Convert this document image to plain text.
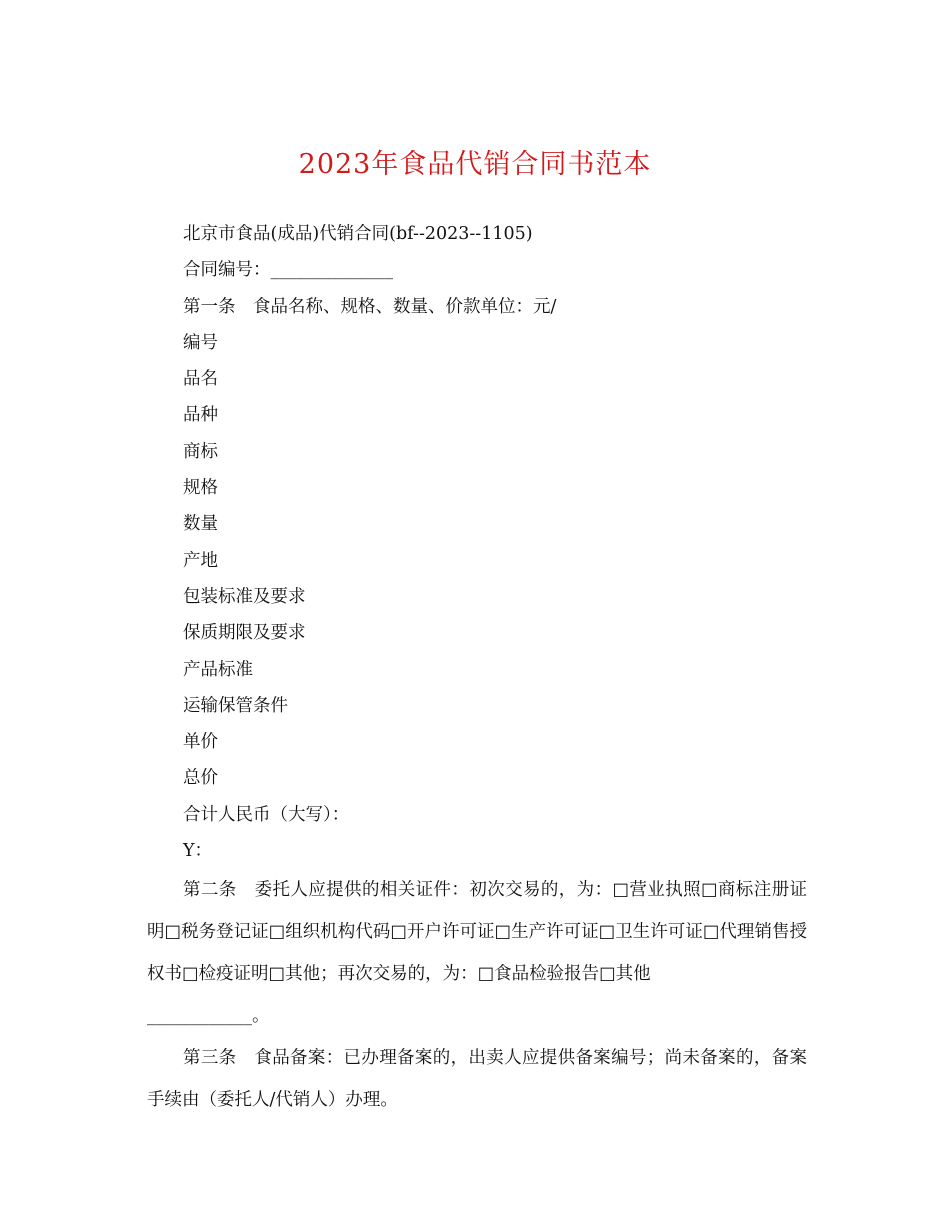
2023年食品代销合同书范本

北京市食品(成品)代销合同(bf--2023--1105)

合同编号：______________

第一条　食品名称、规格、数量、价款单位：元/

编号

品名

品种

商标

规格

数量

产地

包装标准及要求

保质期限及要求

产品标准

运输保管条件

单价

总价

合计人民币（大写）：

Y：

第二条　委托人应提供的相关证件：初次交易的，为：□营业执照□商标注册证明□税务登记证□组织机构代码□开户许可证□生产许可证□卫生许可证□代理销售授权书□检疫证明□其他；再次交易的，为：□食品检验报告□其他

____________。

第三条　食品备案：已办理备案的，出卖人应提供备案编号；尚未备案的，备案手续由（委托人/代销人）办理。
